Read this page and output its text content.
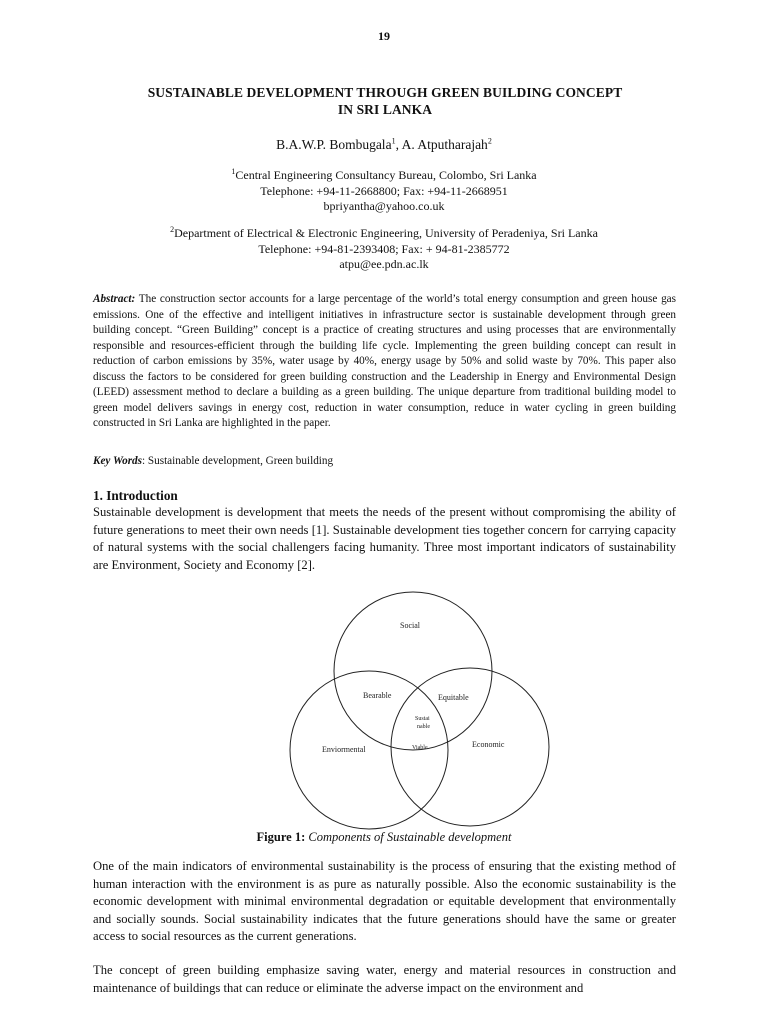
19
SUSTAINABLE DEVELOPMENT THROUGH GREEN BUILDING CONCEPT
IN SRI LANKA
B.A.W.P. Bombugala$^1$, A. Atputharajah$^2$
$^1$Central Engineering Consultancy Bureau, Colombo, Sri Lanka
Telephone: +94-11-2668800; Fax: +94-11-2668951
bpriyantha@yahoo.co.uk
$^2$Department of Electrical & Electronic Engineering, University of Peradeniya, Sri Lanka
Telephone: +94-81-2393408; Fax: + 94-81-2385772
atpu@ee.pdn.ac.lk
Abstract: The construction sector accounts for a large percentage of the world’s total energy consumption and green house gas emissions. One of the effective and intelligent initiatives in infrastructure sector is sustainable development through green building concept. “Green Building” concept is a practice of creating structures and using processes that are environmentally responsible and resources-efficient through the building life cycle. Implementing the green building concept can result in reduction of carbon emissions by 35%, water usage by 40%, energy usage by 50% and solid waste by 70%. This paper also discuss the factors to be considered for green building construction and the Leadership in Energy and Environmental Design (LEED) assessment method to declare a building as a green building. The unique departure from traditional building model to green model delivers savings in energy cost, reduction in water consumption, reduce in water cycling in green building constructed in Sri Lanka are highlighted in the paper.
Key Words: Sustainable development, Green building
1. Introduction
Sustainable development is development that meets the needs of the present without compromising the ability of future generations to meet their own needs [1]. Sustainable development ties together concern for carrying capacity of natural systems with the social challengers facing humanity. Three most important indicators of sustainability are Environment, Society and Economy [2].
Social
Bearable	Equitable
Sustai
nable
Enviormental	Viable	Economic
Figure 1: Components of Sustainable development
One of the main indicators of environmental sustainability is the process of ensuring that the existing method of human interaction with the environment is as pure as naturally possible. Also the economic sustainability is the economic development with minimal environmental degradation or equitable development that environmentally and socially sounds. Social sustainability indicates that the future generations should have the same or greater access to social resources as the current generations.
The concept of green building emphasize saving water, energy and material resources in construction and maintenance of buildings that can reduce or eliminate the adverse impact on the environment and
